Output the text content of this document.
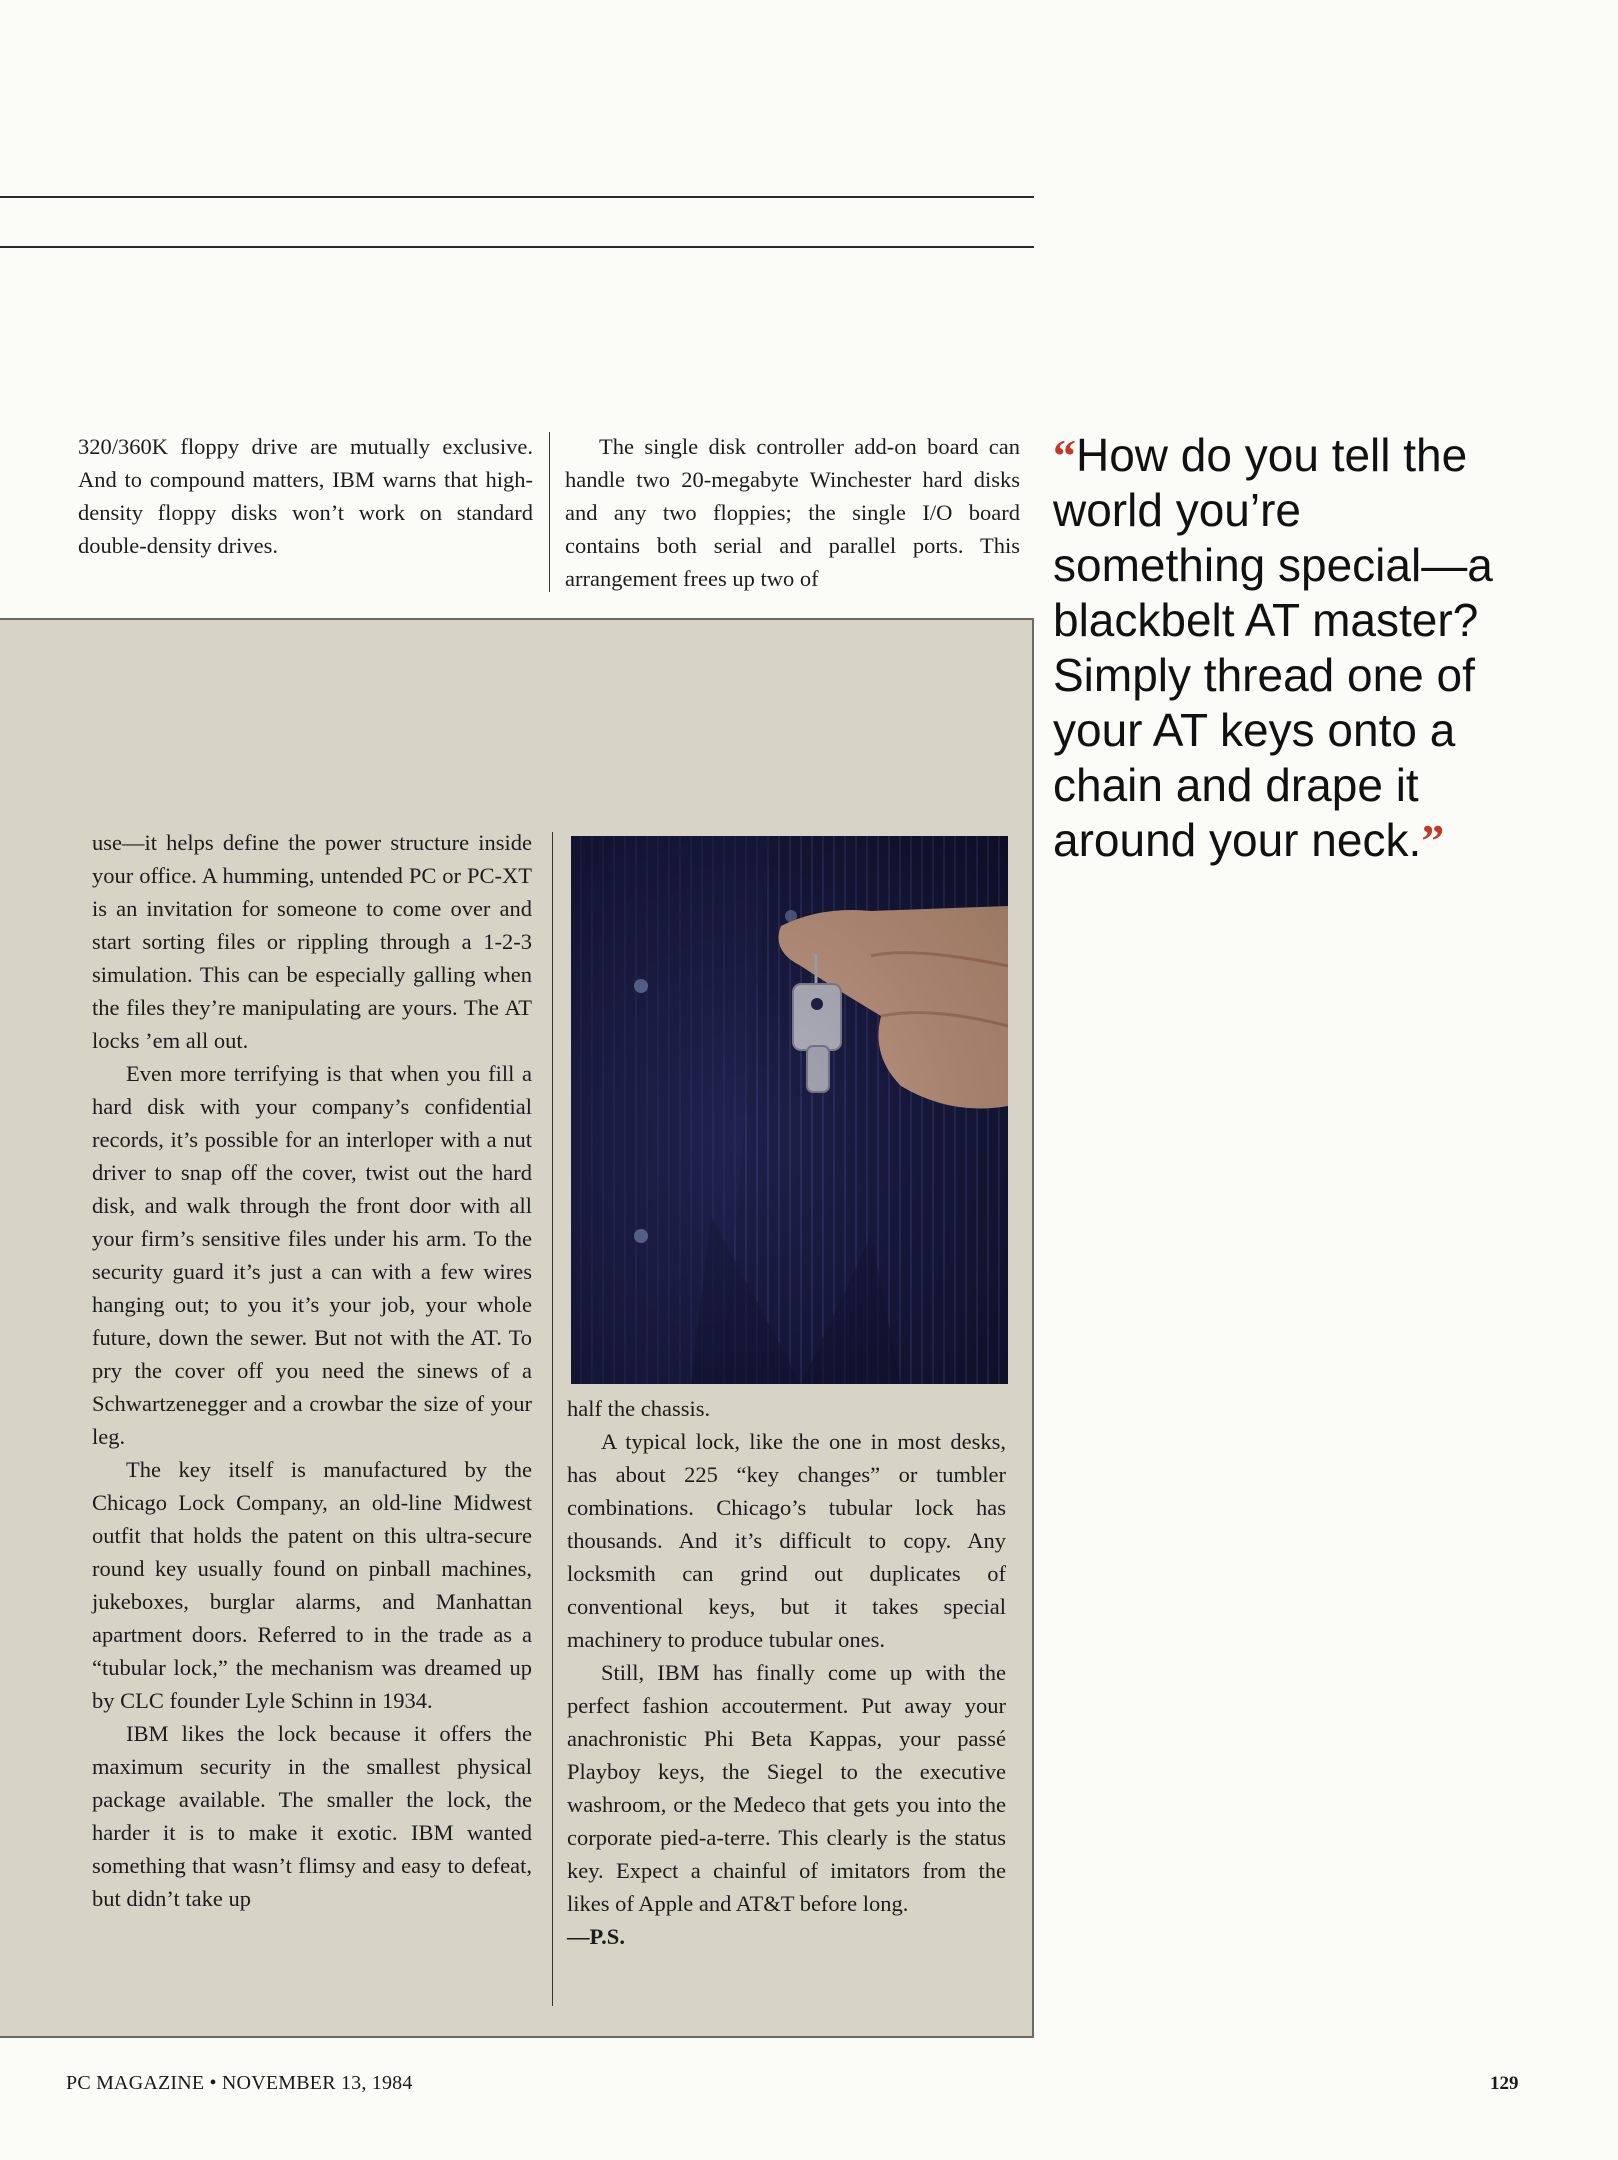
320/360K floppy drive are mutually exclusive. And to compound matters, IBM warns that high-density floppy disks won’t work on standard double-density drives.

The single disk controller add-on board can handle two 20-megabyte Winchester hard disks and any two floppies; the single I/O board contains both serial and parallel ports. This arrangement frees up two of

use—it helps define the power structure inside your office. A humming, untended PC or PC-XT is an invitation for someone to come over and start sorting files or rippling through a 1-2-3 simulation. This can be especially galling when the files they’re manipulating are yours. The AT locks ’em all out.

Even more terrifying is that when you fill a hard disk with your company’s confidential records, it’s possible for an interloper with a nut driver to snap off the cover, twist out the hard disk, and walk through the front door with all your firm’s sensitive files under his arm. To the security guard it’s just a can with a few wires hanging out; to you it’s your job, your whole future, down the sewer. But not with the AT. To pry the cover off you need the sinews of a Schwartzenegger and a crowbar the size of your leg.

The key itself is manufactured by the Chicago Lock Company, an old-line Midwest outfit that holds the patent on this ultra-secure round key usually found on pinball machines, jukeboxes, burglar alarms, and Manhattan apartment doors. Referred to in the trade as a “tubular lock,” the mechanism was dreamed up by CLC founder Lyle Schinn in 1934.

IBM likes the lock because it offers the maximum security in the smallest physical package available. The smaller the lock, the harder it is to make it exotic. IBM wanted something that wasn’t flimsy and easy to defeat, but didn’t take up

half the chassis.

A typical lock, like the one in most desks, has about 225 “key changes” or tumbler combinations. Chicago’s tubular lock has thousands. And it’s difficult to copy. Any locksmith can grind out duplicates of conventional keys, but it takes special machinery to produce tubular ones.

Still, IBM has finally come up with the perfect fashion accouterment. Put away your anachronistic Phi Beta Kappas, your passé Playboy keys, the Siegel to the executive washroom, or the Medeco that gets you into the corporate pied-a-terre. This clearly is the status key. Expect a chainful of imitators from the likes of Apple and AT&T before long.

—P.S.

“How do you tell the world you’re something special—a blackbelt AT master? Simply thread one of your AT keys onto a chain and drape it around your neck.”
PC MAGAZINE • NOVEMBER 13, 1984	129
